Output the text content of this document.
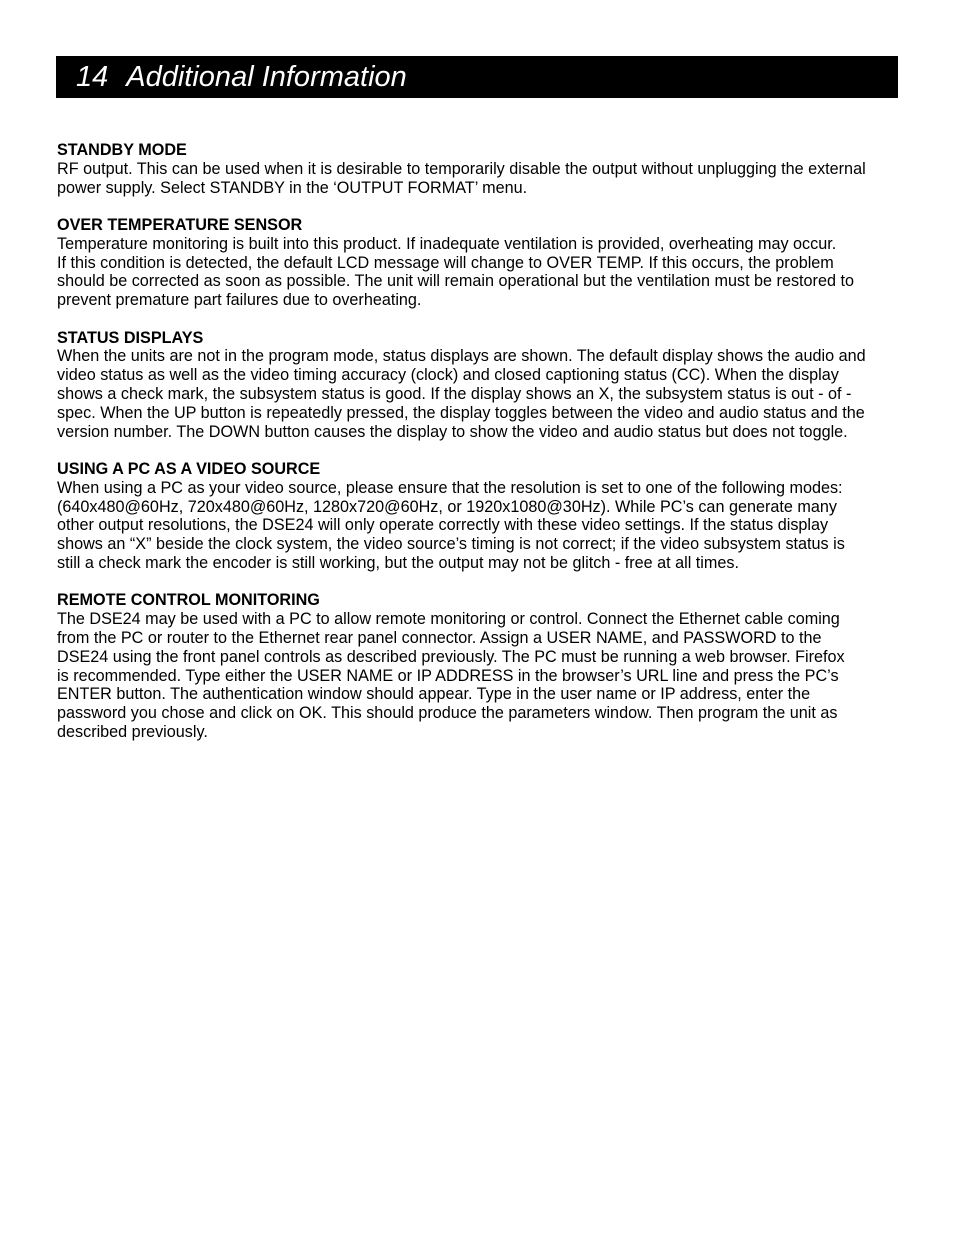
14 Additional Information
STANDBY MODE
RF output. This can be used when it is desirable to temporarily disable the output without unplugging the external
power supply. Select STANDBY in the ‘OUTPUT FORMAT’ menu.
OVER TEMPERATURE SENSOR
Temperature monitoring is built into this product. If inadequate ventilation is provided, overheating may occur.
If this condition is detected, the default LCD message will change to OVER TEMP. If this occurs, the problem
should be corrected as soon as possible. The unit will remain operational but the ventilation must be restored to
prevent premature part failures due to overheating.
STATUS DISPLAYS
When the units are not in the program mode, status displays are shown. The default display shows the audio and
video status as well as the video timing accuracy (clock) and closed captioning status (CC). When the display
shows a check mark, the subsystem status is good. If the display shows an X, the subsystem status is out - of -
spec. When the UP button is repeatedly pressed, the display toggles between the video and audio status and the
version number. The DOWN button causes the display to show the video and audio status but does not toggle.
USING A PC AS A VIDEO SOURCE
When using a PC as your video source, please ensure that the resolution is set to one of the following modes:
(640x480@60Hz, 720x480@60Hz, 1280x720@60Hz, or 1920x1080@30Hz). While PC’s can generate many
other output resolutions, the DSE24 will only operate correctly with these video settings. If the status display
shows an “X” beside the clock system, the video source’s timing is not correct; if the video subsystem status is
still a check mark the encoder is still working, but the output may not be glitch - free at all times.
REMOTE CONTROL MONITORING
The DSE24 may be used with a PC to allow remote monitoring or control. Connect the Ethernet cable coming
from the PC or router to the Ethernet rear panel connector. Assign a USER NAME, and PASSWORD to the
DSE24 using the front panel controls as described previously. The PC must be running a web browser. Firefox
is recommended. Type either the USER NAME or IP ADDRESS in the browser’s URL line and press the PC’s
ENTER button. The authentication window should appear. Type in the user name or IP address, enter the
password you chose and click on OK. This should produce the parameters window. Then program the unit as
described previously.
